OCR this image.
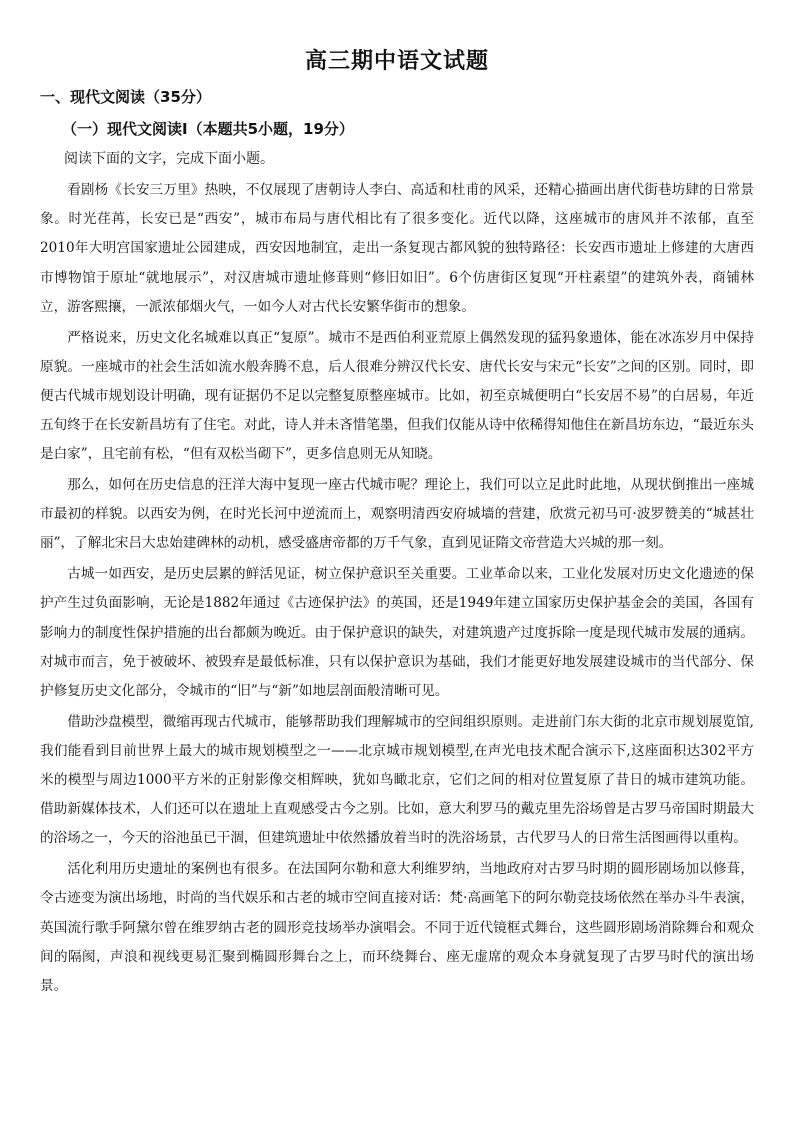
高三期中语文试题
一、现代文阅读（35分）
（一）现代文阅读Ⅰ（本题共5小题，19分）
阅读下面的文字，完成下面小题。

看剧杨《长安三万里》热映，不仅展现了唐朝诗人李白、高适和杜甫的风采，还精心描画出唐代街巷坊肆的日常景象。时光荏苒，长安已是“西安”，城市布局与唐代相比有了很多变化。近代以降，这座城市的唐风并不浓郁，直至2010年大明宫国家遗址公园建成，西安因地制宜，走出一条复现古都风貌的独特路径：长安西市遗址上修建的大唐西市博物馆于原址“就地展示”，对汉唐城市遗址修葺则“修旧如旧”。6个仿唐街区复现“开柱素望”的建筑外表，商铺林立，游客熙攘，一派浓郁烟火气，一如今人对古代长安繁华街市的想象。

严格说来，历史文化名城难以真正“复原”。城市不是西伯利亚荒原上偶然发现的猛犸象遗体，能在冰冻岁月中保持原貌。一座城市的社会生活如流水般奔腾不息，后人很难分辨汉代长安、唐代长安与宋元“长安”之间的区别。同时，即便古代城市规划设计明确，现有证据仍不足以完整复原整座城市。比如，初至京城便明白“长安居不易”的白居易，年近五旬终于在长安新昌坊有了住宅。对此，诗人并未吝惜笔墨，但我们仅能从诗中依稀得知他住在新昌坊东边，“最近东头是白家”，且宅前有松，“但有双松当砌下”，更多信息则无从知晓。

那么，如何在历史信息的汪洋大海中复现一座古代城市呢？理论上，我们可以立足此时此地，从现状倒推出一座城市最初的样貌。以西安为例，在时光长河中逆流而上，观察明清西安府城墙的营建，欣赏元初马可·波罗赞美的“城甚壮丽”，了解北宋吕大忠始建碑林的动机，感受盛唐帝都的万千气象，直到见证隋文帝营造大兴城的那一刻。

古城一如西安，是历史层累的鲜活见证，树立保护意识至关重要。工业革命以来，工业化发展对历史文化遗迹的保护产生过负面影响，无论是1882年通过《古迹保护法》的英国，还是1949年建立国家历史保护基金会的美国，各国有影响力的制度性保护措施的出台都颇为晚近。由于保护意识的缺失，对建筑遗产过度拆除一度是现代城市发展的通病。对城市而言，免于被破坏、被毁弃是最低标准，只有以保护意识为基础，我们才能更好地发展建设城市的当代部分、保护修复历史文化部分，令城市的“旧”与“新”如地层剖面般清晰可见。

借助沙盘模型，微缩再现古代城市，能够帮助我们理解城市的空间组织原则。走进前门东大街的北京市规划展览馆,我们能看到目前世界上最大的城市规划模型之一——北京城市规划模型,在声光电技术配合演示下,这座面积达302平方米的模型与周边1000平方米的正射影像交相辉映，犹如鸟瞰北京，它们之间的相对位置复原了昔日的城市建筑功能。借助新媒体技术，人们还可以在遗址上直观感受古今之别。比如，意大利罗马的戴克里先浴场曾是古罗马帝国时期最大的浴场之一，今天的浴池虽已干涸，但建筑遗址中依然播放着当时的洗浴场景，古代罗马人的日常生活图画得以重构。

活化利用历史遗址的案例也有很多。在法国阿尔勒和意大利维罗纳，当地政府对古罗马时期的圆形剧场加以修葺，令古迹变为演出场地，时尚的当代娱乐和古老的城市空间直接对话：梵·高画笔下的阿尔勒竞技场依然在举办斗牛表演，英国流行歌手阿黛尔曾在维罗纳古老的圆形竞技场举办演唱会。不同于近代镜框式舞台，这些圆形剧场消除舞台和观众间的隔阂，声浪和视线更易汇聚到椭圆形舞台之上，而环绕舞台、座无虚席的观众本身就复现了古罗马时代的演出场景。
